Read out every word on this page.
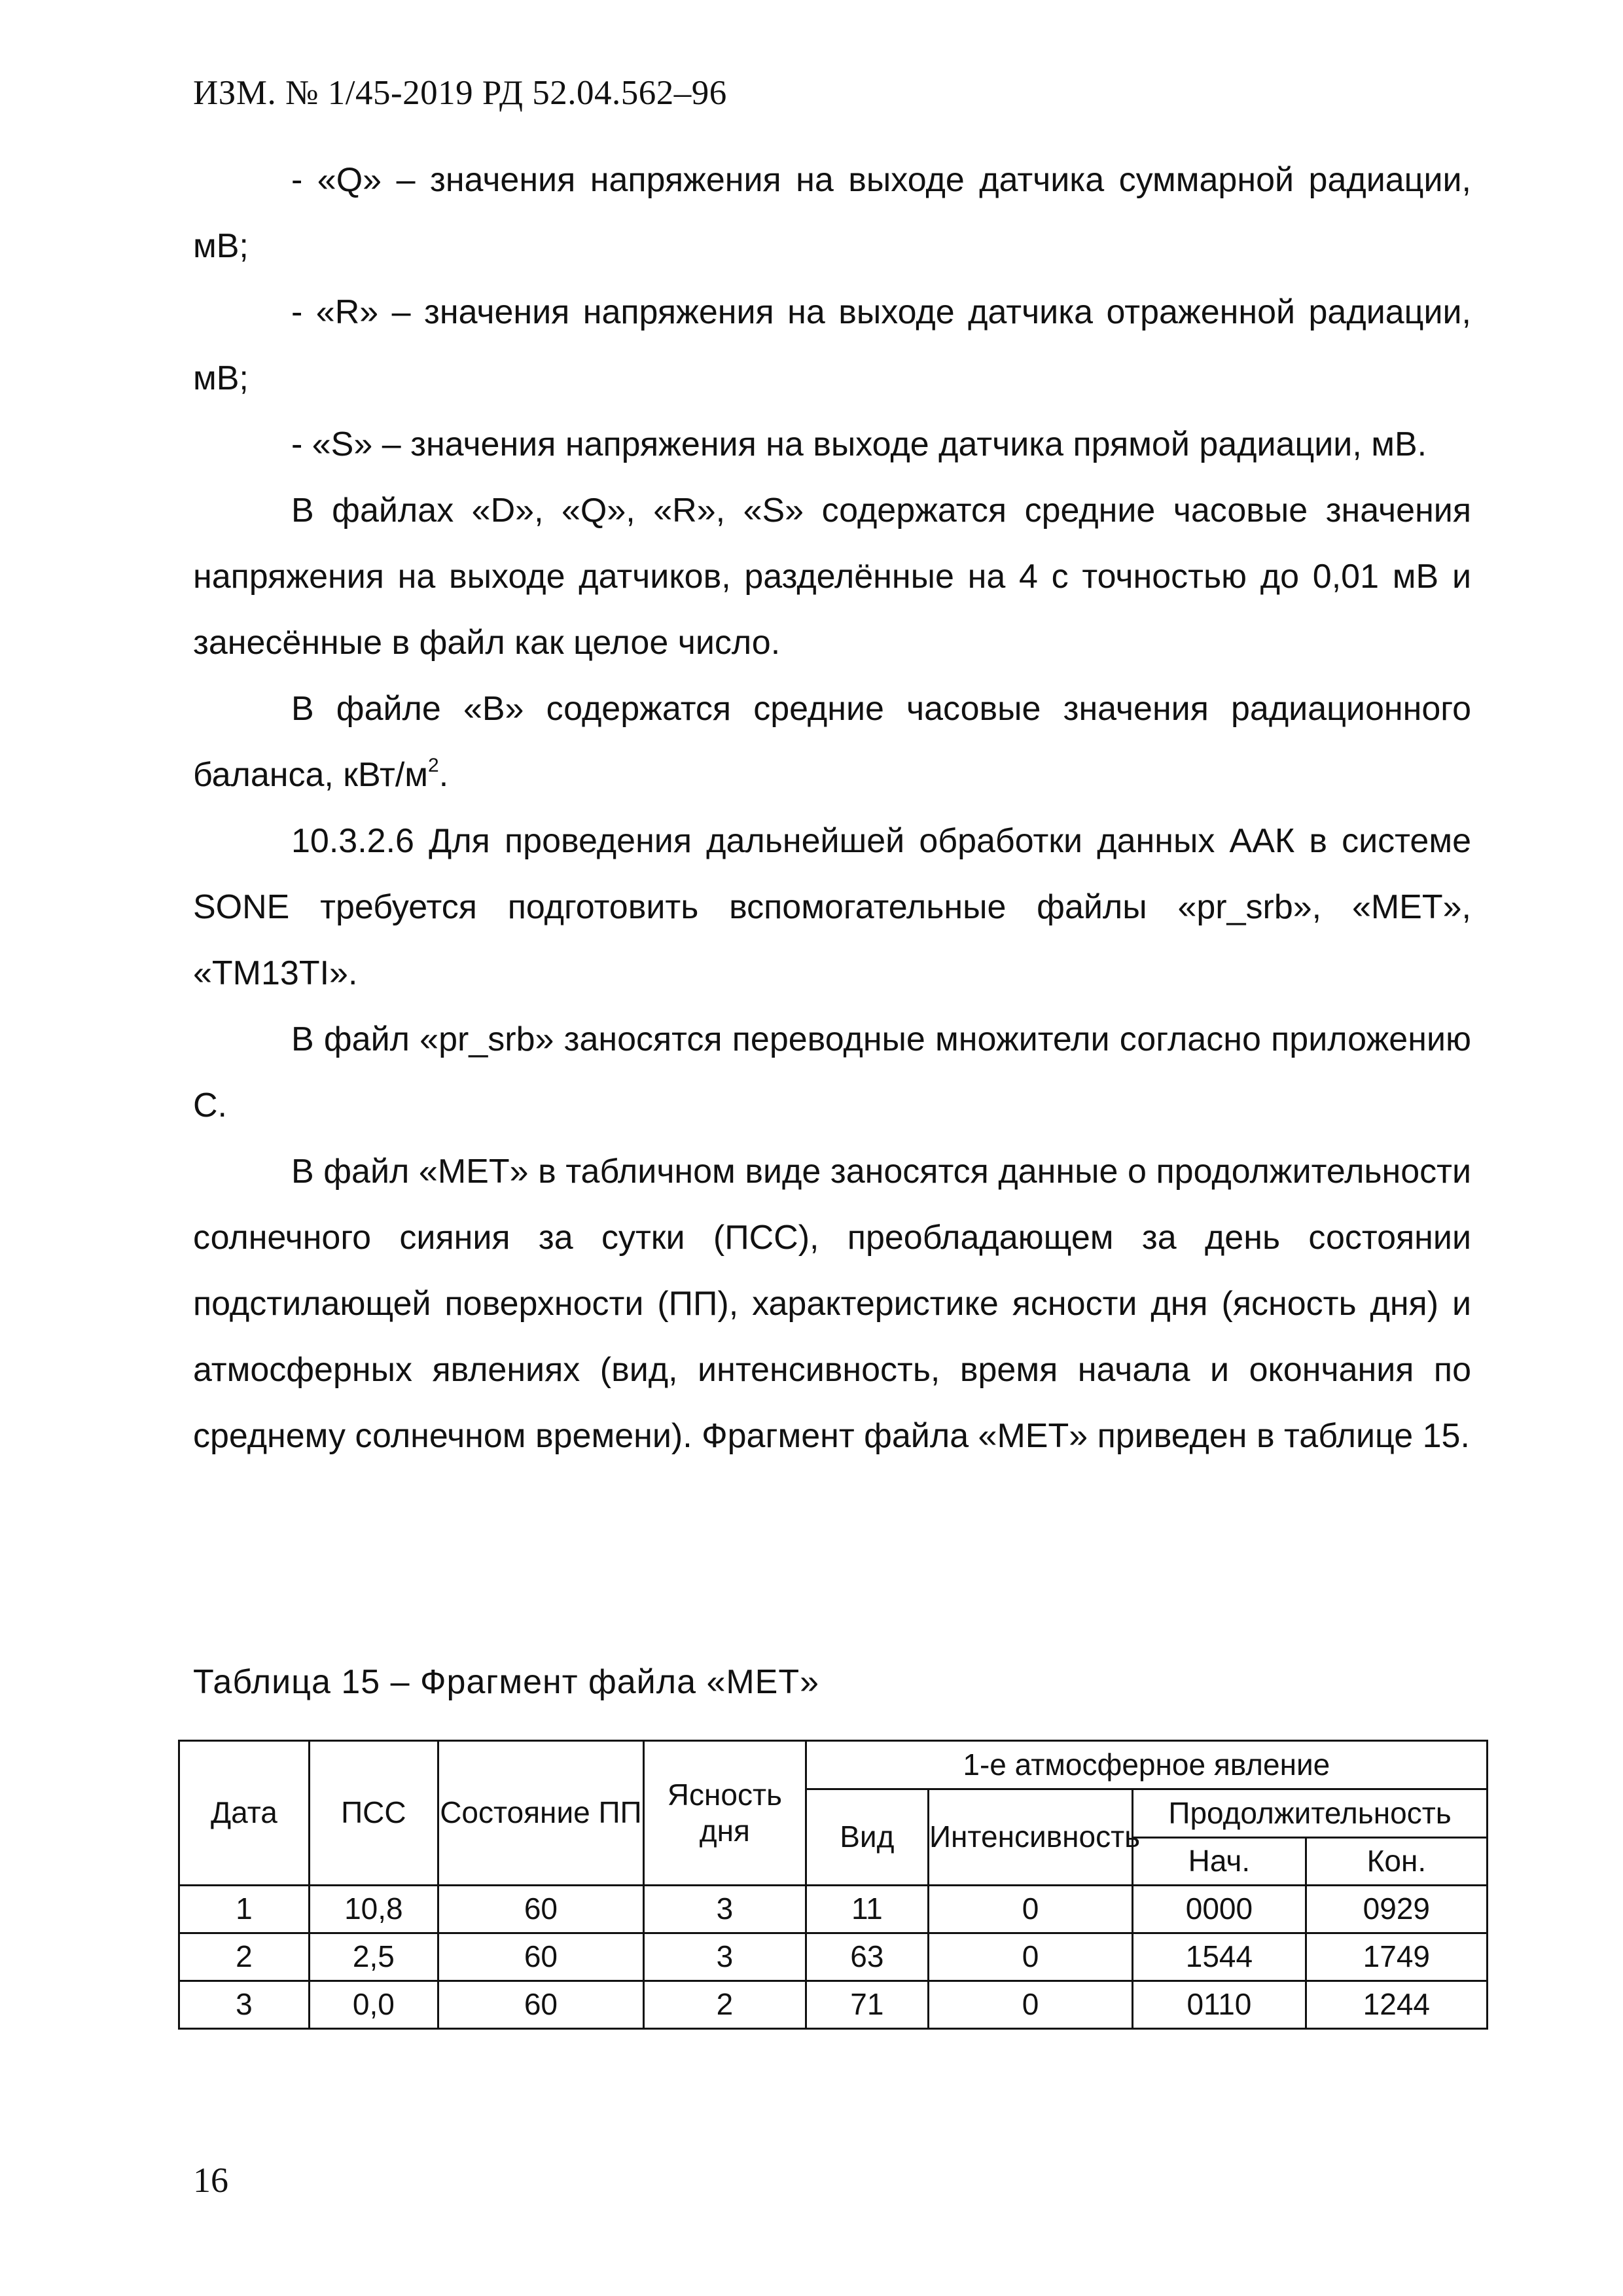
ИЗМ. № 1/45-2019 РД 52.04.562–96

- «Q» – значения напряжения на выходе датчика суммарной радиации, мВ;

- «R» – значения напряжения на выходе датчика отраженной радиации, мВ;

- «S» – значения напряжения на выходе датчика прямой радиации, мВ.

В файлах «D», «Q», «R», «S» содержатся средние часовые значения напряжения на выходе датчиков, разделённые на 4 с точностью до 0,01 мВ и занесённые в файл как целое число.

В файле «B» содержатся средние часовые значения радиационного баланса, кВт/$м^2$.

10.3.2.6 Для проведения дальнейшей обработки данных ААК в системе SONE требуется подготовить вспомогательные файлы «pr_srb», «MET», «TM13TI».

В файл «pr_srb» заносятся переводные множители согласно приложению С.

В файл «MET» в табличном виде заносятся данные о продолжительности солнечного сияния за сутки (ПСС), преобладающем за день состоянии подстилающей поверхности (ПП), характеристике ясности дня (ясность дня) и атмосферных явлениях (вид, интенсивность, время начала и окончания по среднему солнечном времени). Фрагмент файла «MET» приведен в таблице 15.

Таблица 15 – Фрагмент файла «MET»
Дата	ПСС	Состояние ПП	Ясность дня	1-е атмосферное явление			
				Вид	Интенсивность	Продолжительность	
						Нач.	Кон.
1	10,8	60	3	11	0	0000	0929
2	2,5	60	3	63	0	1544	1749
3	0,0	60	2	71	0	0110	1244
16
